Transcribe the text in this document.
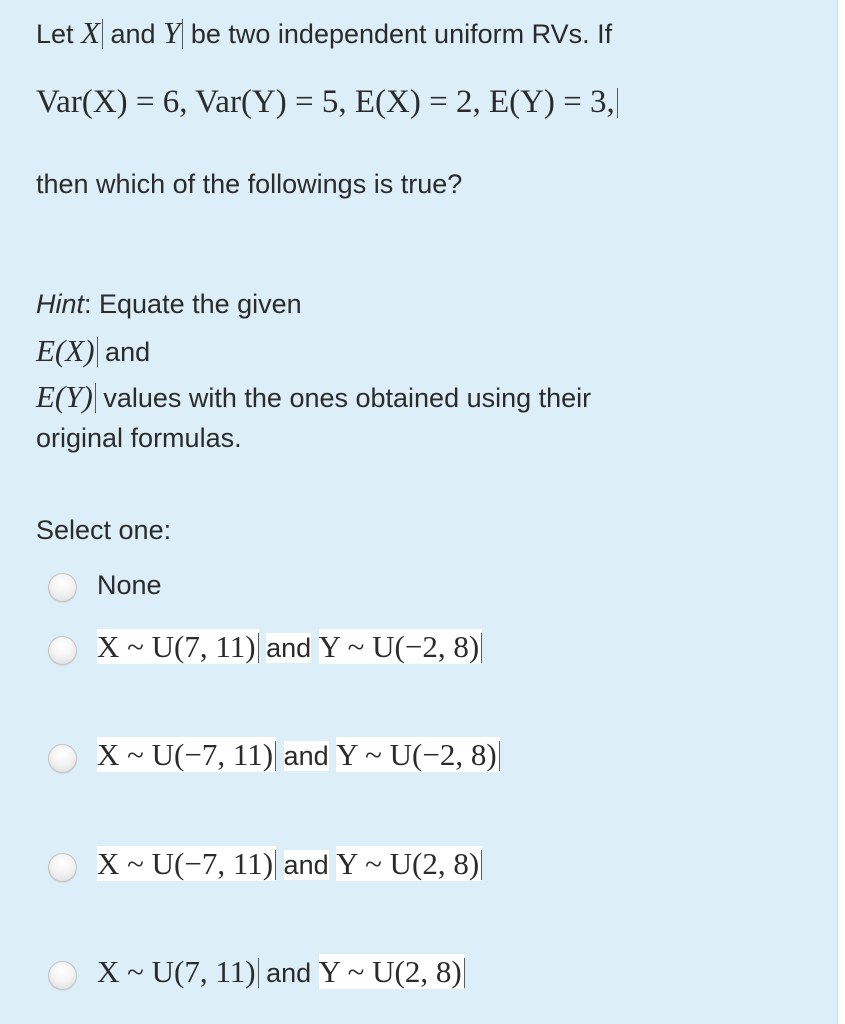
Let X and Y be two independent uniform RVs. If
Var(X) = 6, Var(Y) = 5, E(X) = 2, E(Y) = 3,
then which of the followings is true?
Hint: Equate the given
E(X) and
E(Y) values with the ones obtained using their
original formulas.
Select one:
None
X ~ U(7, 11) and Y ~ U(−2, 8)
X ~ U(−7, 11) and Y ~ U(−2, 8)
X ~ U(−7, 11) and Y ~ U(2, 8)
X ~ U(7, 11) and Y ~ U(2, 8)
